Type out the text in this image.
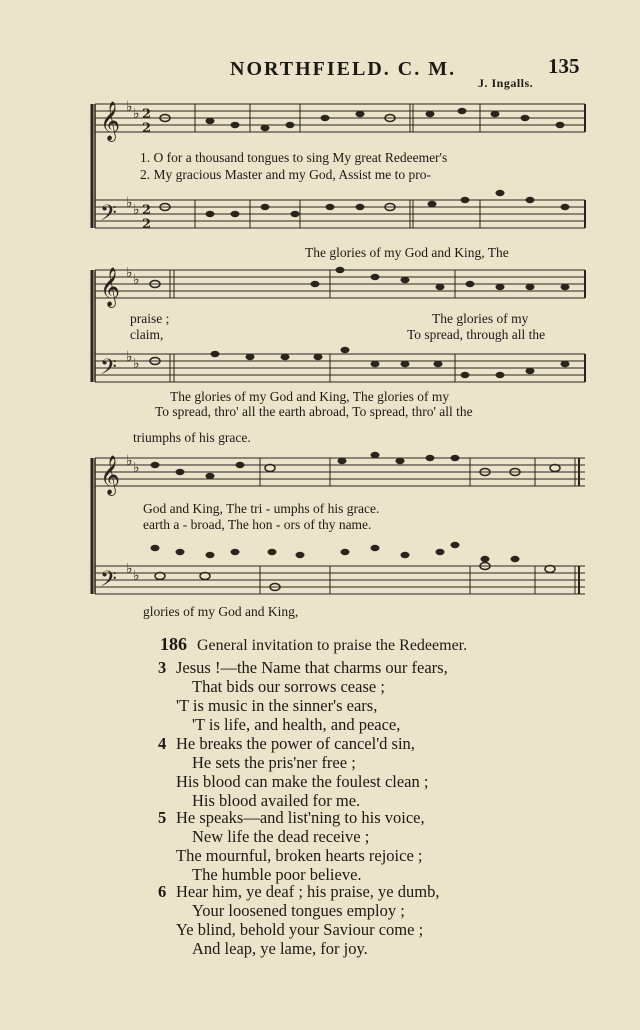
NORTHFIELD. C. M.	135
J. Ingalls.
𝄞
𝄢
𝄞
𝄢
𝄞
𝄢
♭ ♭
♭ ♭
♭ ♭
♭ ♭
♭ ♭
♭ ♭
2
2
2
2
1. O for a thousand tongues to sing My great Redeemer's
2. My gracious Master and my God, Assist me to pro-
The glories of my God and King, The
praise ;
claim,
The glories of my
To spread, through all the
The glories of my God and King, The glories of my
To spread, thro' all the earth abroad, To spread, thro' all the
triumphs of his grace.
God and King, The tri - umphs of his grace.
earth a - broad, The hon - ors of thy name.
glories of my God and King,
186 General invitation to praise the Redeemer.
3 Jesus !—the Name that charms our fears,
That bids our sorrows cease ;
'T is music in the sinner's ears,
'T is life, and health, and peace,
4 He breaks the power of cancel'd sin,
He sets the pris'ner free ;
His blood can make the foulest clean ;
His blood availed for me.
5 He speaks—and list'ning to his voice,
New life the dead receive ;
The mournful, broken hearts rejoice ;
The humble poor believe.
6 Hear him, ye deaf ; his praise, ye dumb,
Your loosened tongues employ ;
Ye blind, behold your Saviour come ;
And leap, ye lame, for joy.
